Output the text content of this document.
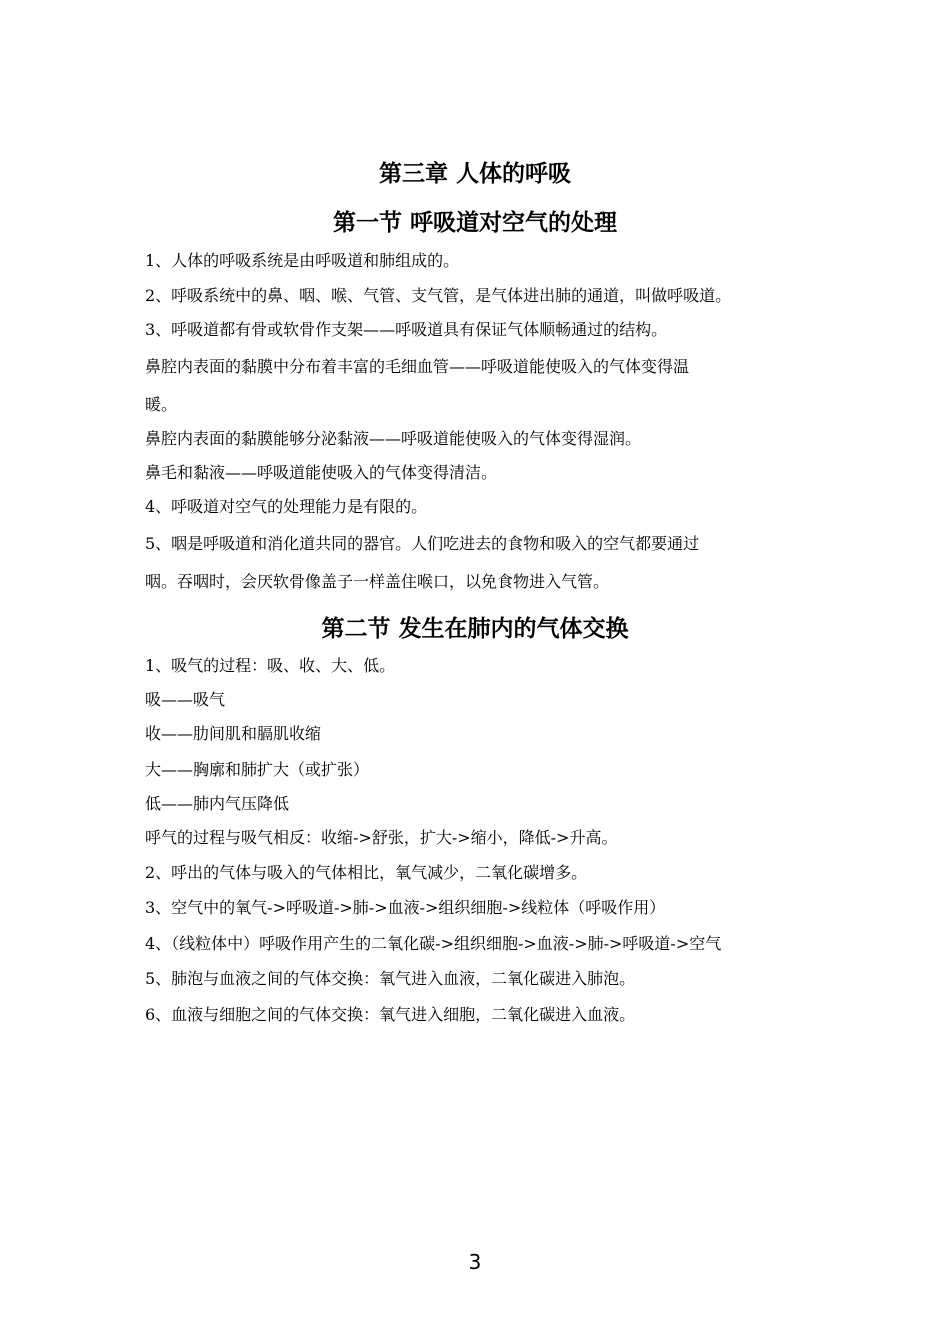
第三章 人体的呼吸
第一节 呼吸道对空气的处理
1、人体的呼吸系统是由呼吸道和肺组成的。
2、呼吸系统中的鼻、咽、喉、气管、支气管，是气体进出肺的通道，叫做呼吸道。
3、呼吸道都有骨或软骨作支架——呼吸道具有保证气体顺畅通过的结构。
鼻腔内表面的黏膜中分布着丰富的毛细血管——呼吸道能使吸入的气体变得温
暖。
鼻腔内表面的黏膜能够分泌黏液——呼吸道能使吸入的气体变得湿润。
鼻毛和黏液——呼吸道能使吸入的气体变得清洁。
4、呼吸道对空气的处理能力是有限的。
5、咽是呼吸道和消化道共同的器官。人们吃进去的食物和吸入的空气都要通过
咽。吞咽时，会厌软骨像盖子一样盖住喉口，以免食物进入气管。
第二节 发生在肺内的气体交换
1、吸气的过程：吸、收、大、低。
吸——吸气
收——肋间肌和膈肌收缩
大——胸廓和肺扩大（或扩张）
低——肺内气压降低
呼气的过程与吸气相反：收缩->舒张，扩大->缩小，降低->升高。
2、呼出的气体与吸入的气体相比，氧气减少，二氧化碳增多。
3、空气中的氧气->呼吸道->肺->血液->组织细胞->线粒体（呼吸作用）
4、（线粒体中）呼吸作用产生的二氧化碳->组织细胞->血液->肺->呼吸道->空气
5、肺泡与血液之间的气体交换：氧气进入血液，二氧化碳进入肺泡。
6、血液与细胞之间的气体交换：氧气进入细胞，二氧化碳进入血液。
3
